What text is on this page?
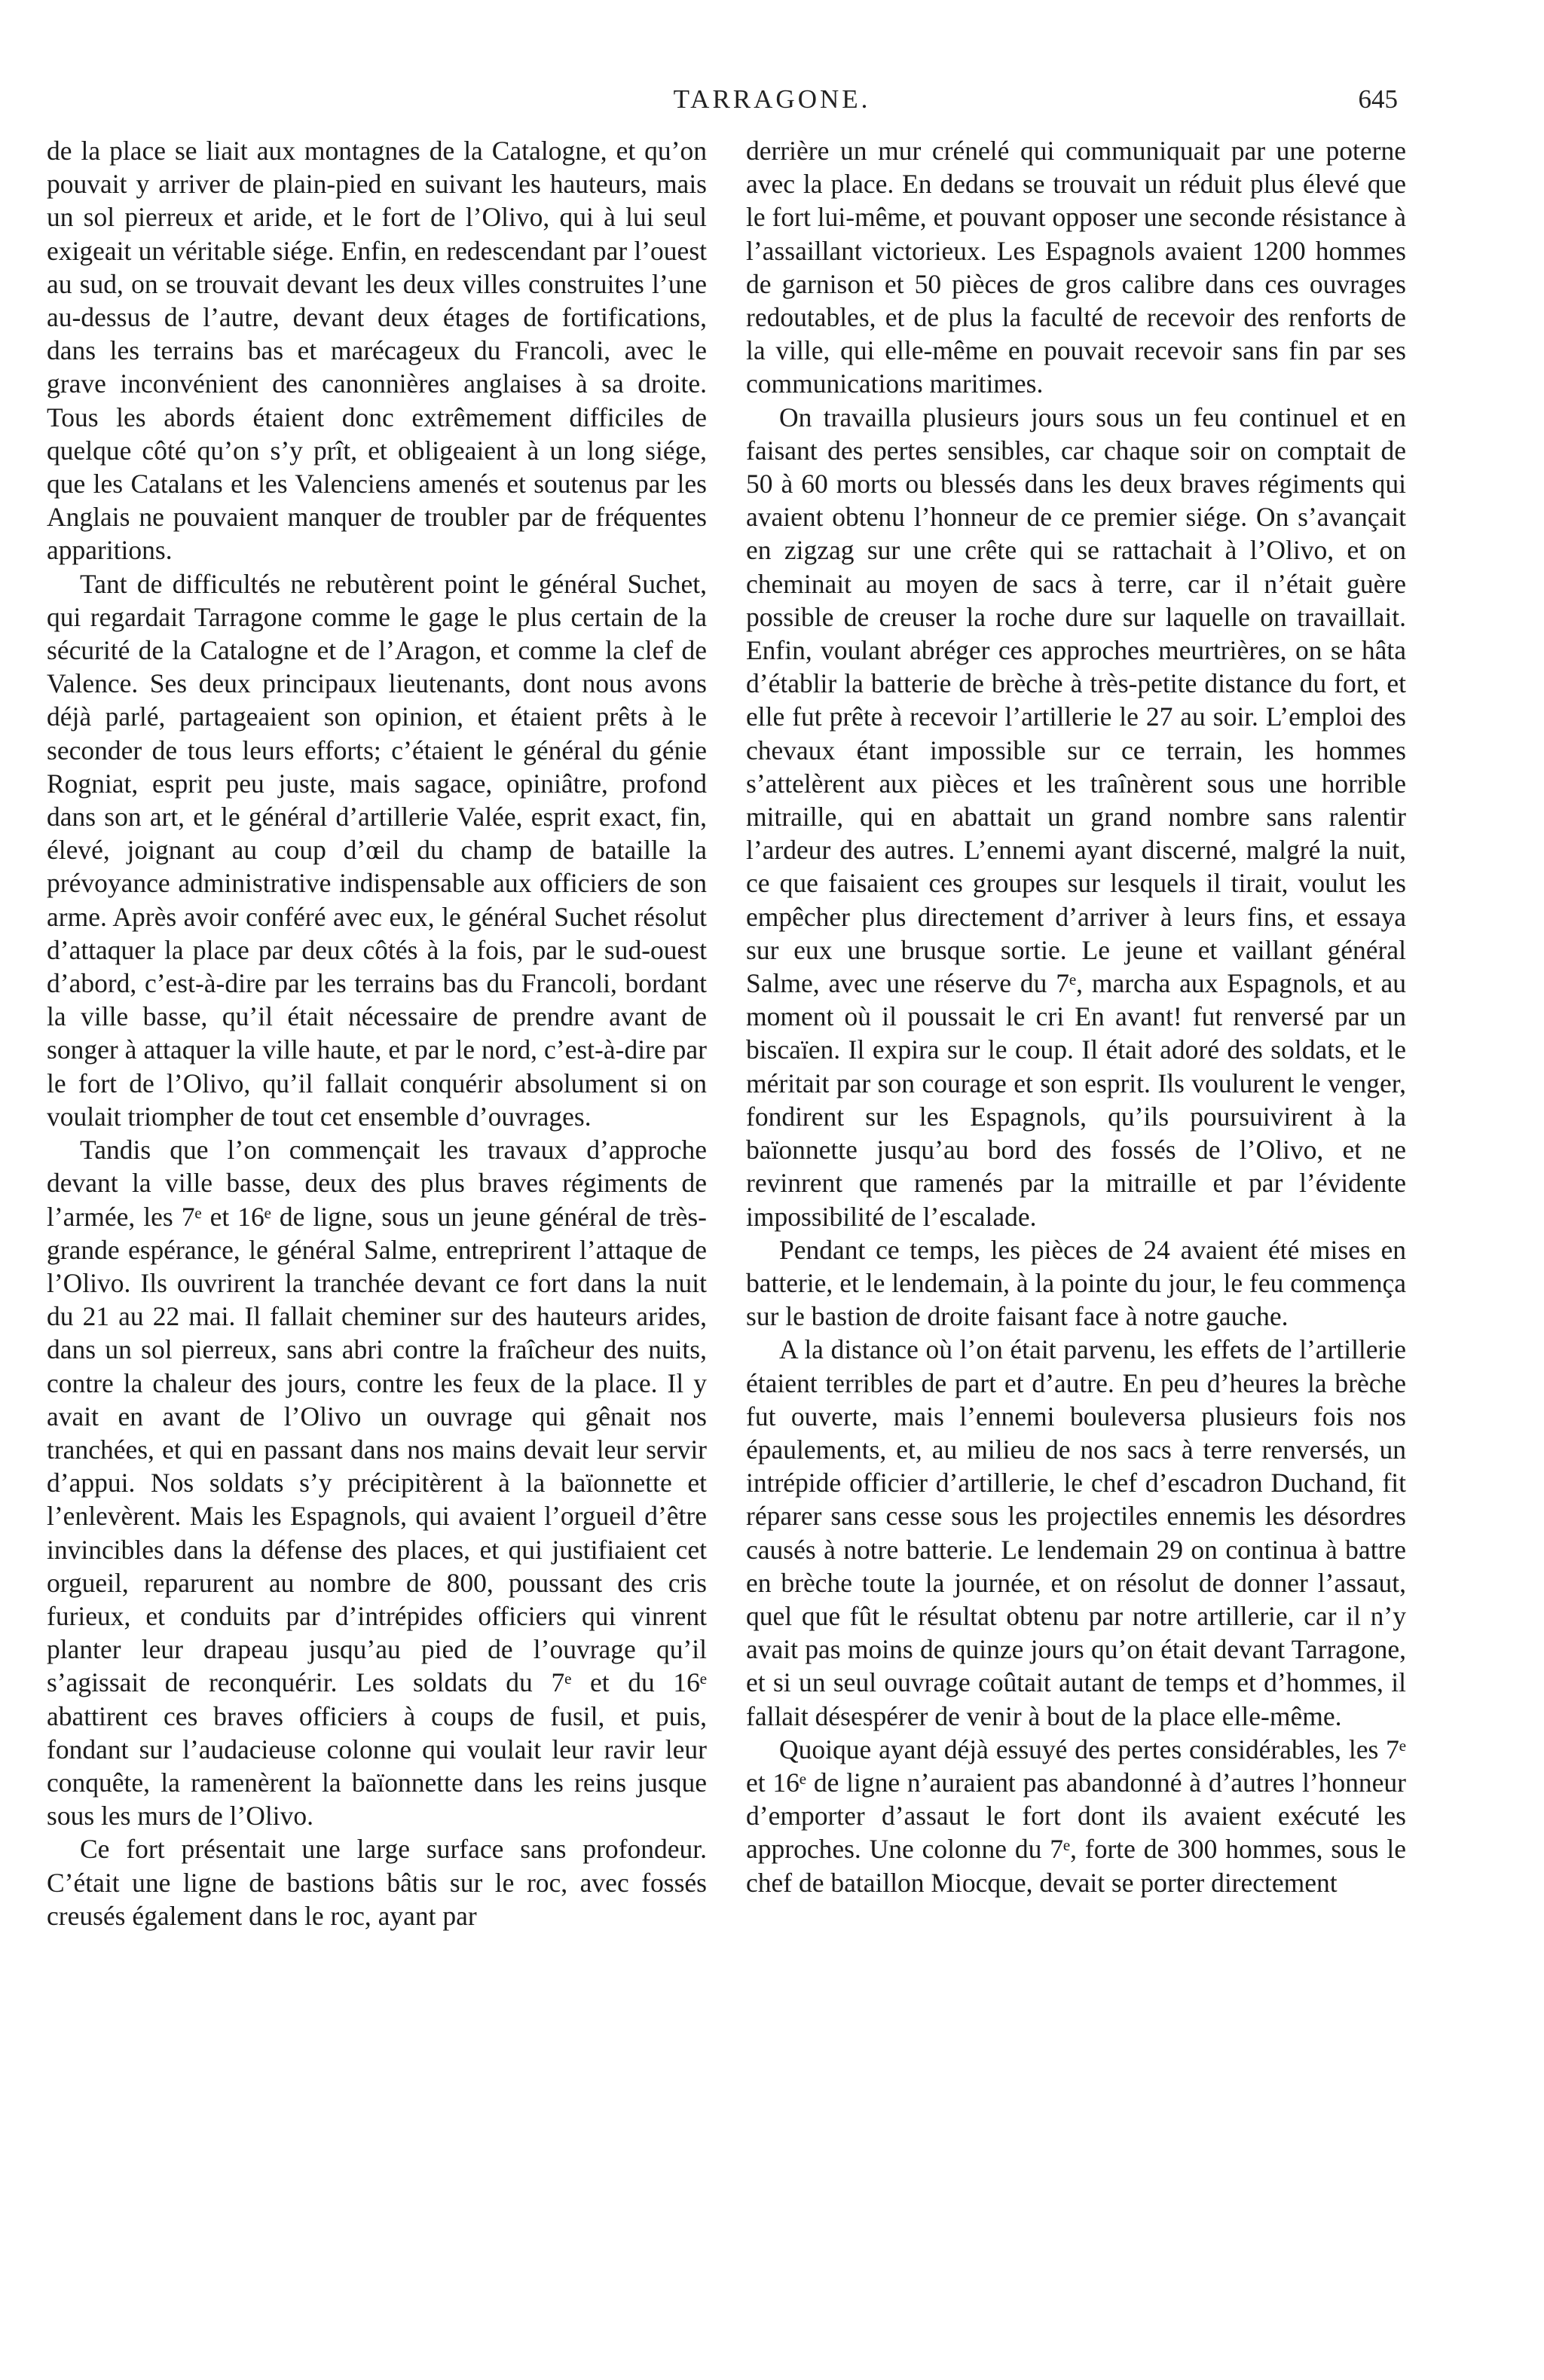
TARRAGONE.	645

de la place se liait aux montagnes de la Catalogne, et qu’on pouvait y arriver de plain-pied en suivant les hauteurs, mais un sol pierreux et aride, et le fort de l’Olivo, qui à lui seul exigeait un véritable siége. Enfin, en redescendant par l’ouest au sud, on se trouvait devant les deux villes construites l’une au-dessus de l’autre, devant deux étages de fortifications, dans les terrains bas et marécageux du Francoli, avec le grave inconvénient des canonnières anglaises à sa droite. Tous les abords étaient donc extrêmement difficiles de quelque côté qu’on s’y prît, et obligeaient à un long siége, que les Catalans et les Valenciens amenés et soutenus par les Anglais ne pouvaient manquer de troubler par de fréquentes apparitions.

Tant de difficultés ne rebutèrent point le général Suchet, qui regardait Tarragone comme le gage le plus certain de la sécurité de la Catalogne et de l’Aragon, et comme la clef de Valence. Ses deux principaux lieutenants, dont nous avons déjà parlé, partageaient son opinion, et étaient prêts à le seconder de tous leurs efforts; c’étaient le général du génie Rogniat, esprit peu juste, mais sagace, opiniâtre, profond dans son art, et le général d’artillerie Valée, esprit exact, fin, élevé, joignant au coup d’œil du champ de bataille la prévoyance administrative indispensable aux officiers de son arme. Après avoir conféré avec eux, le général Suchet résolut d’attaquer la place par deux côtés à la fois, par le sud-ouest d’abord, c’est-à-dire par les terrains bas du Francoli, bordant la ville basse, qu’il était nécessaire de prendre avant de songer à attaquer la ville haute, et par le nord, c’est-à-dire par le fort de l’Olivo, qu’il fallait conquérir absolument si on voulait triompher de tout cet ensemble d’ouvrages.

Tandis que l’on commençait les travaux d’approche devant la ville basse, deux des plus braves régiments de l’armée, les 7ᵉ et 16ᵉ de ligne, sous un jeune général de très-grande espérance, le général Salme, entreprirent l’attaque de l’Olivo. Ils ouvrirent la tranchée devant ce fort dans la nuit du 21 au 22 mai. Il fallait cheminer sur des hauteurs arides, dans un sol pierreux, sans abri contre la fraîcheur des nuits, contre la chaleur des jours, contre les feux de la place. Il y avait en avant de l’Olivo un ouvrage qui gênait nos tranchées, et qui en passant dans nos mains devait leur servir d’appui. Nos soldats s’y précipitèrent à la baïonnette et l’enlevèrent. Mais les Espagnols, qui avaient l’orgueil d’être invincibles dans la défense des places, et qui justifiaient cet orgueil, reparurent au nombre de 800, poussant des cris furieux, et conduits par d’intrépides officiers qui vinrent planter leur drapeau jusqu’au pied de l’ouvrage qu’il s’agissait de reconquérir. Les soldats du 7ᵉ et du 16ᵉ abattirent ces braves officiers à coups de fusil, et puis, fondant sur l’audacieuse colonne qui voulait leur ravir leur conquête, la ramenèrent la baïonnette dans les reins jusque sous les murs de l’Olivo.

Ce fort présentait une large surface sans profondeur. C’était une ligne de bastions bâtis sur le roc, avec fossés creusés également dans le roc, ayant par

derrière un mur crénelé qui communiquait par une poterne avec la place. En dedans se trouvait un réduit plus élevé que le fort lui-même, et pouvant opposer une seconde résistance à l’assaillant victorieux. Les Espagnols avaient 1200 hommes de garnison et 50 pièces de gros calibre dans ces ouvrages redoutables, et de plus la faculté de recevoir des renforts de la ville, qui elle-même en pouvait recevoir sans fin par ses communications maritimes.

On travailla plusieurs jours sous un feu continuel et en faisant des pertes sensibles, car chaque soir on comptait de 50 à 60 morts ou blessés dans les deux braves régiments qui avaient obtenu l’honneur de ce premier siége. On s’avançait en zigzag sur une crête qui se rattachait à l’Olivo, et on cheminait au moyen de sacs à terre, car il n’était guère possible de creuser la roche dure sur laquelle on travaillait. Enfin, voulant abréger ces approches meurtrières, on se hâta d’établir la batterie de brèche à très-petite distance du fort, et elle fut prête à recevoir l’artillerie le 27 au soir. L’emploi des chevaux étant impossible sur ce terrain, les hommes s’attelèrent aux pièces et les traînèrent sous une horrible mitraille, qui en abattait un grand nombre sans ralentir l’ardeur des autres. L’ennemi ayant discerné, malgré la nuit, ce que faisaient ces groupes sur lesquels il tirait, voulut les empêcher plus directement d’arriver à leurs fins, et essaya sur eux une brusque sortie. Le jeune et vaillant général Salme, avec une réserve du 7ᵉ, marcha aux Espagnols, et au moment où il poussait le cri En avant! fut renversé par un biscaïen. Il expira sur le coup. Il était adoré des soldats, et le méritait par son courage et son esprit. Ils voulurent le venger, fondirent sur les Espagnols, qu’ils poursuivirent à la baïonnette jusqu’au bord des fossés de l’Olivo, et ne revinrent que ramenés par la mitraille et par l’évidente impossibilité de l’escalade.

Pendant ce temps, les pièces de 24 avaient été mises en batterie, et le lendemain, à la pointe du jour, le feu commença sur le bastion de droite faisant face à notre gauche.

A la distance où l’on était parvenu, les effets de l’artillerie étaient terribles de part et d’autre. En peu d’heures la brèche fut ouverte, mais l’ennemi bouleversa plusieurs fois nos épaulements, et, au milieu de nos sacs à terre renversés, un intrépide officier d’artillerie, le chef d’escadron Duchand, fit réparer sans cesse sous les projectiles ennemis les désordres causés à notre batterie. Le lendemain 29 on continua à battre en brèche toute la journée, et on résolut de donner l’assaut, quel que fût le résultat obtenu par notre artillerie, car il n’y avait pas moins de quinze jours qu’on était devant Tarragone, et si un seul ouvrage coûtait autant de temps et d’hommes, il fallait désespérer de venir à bout de la place elle-même.

Quoique ayant déjà essuyé des pertes considérables, les 7ᵉ et 16ᵉ de ligne n’auraient pas abandonné à d’autres l’honneur d’emporter d’assaut le fort dont ils avaient exécuté les approches. Une colonne du 7ᵉ, forte de 300 hommes, sous le chef de bataillon Miocque, devait se porter directement
